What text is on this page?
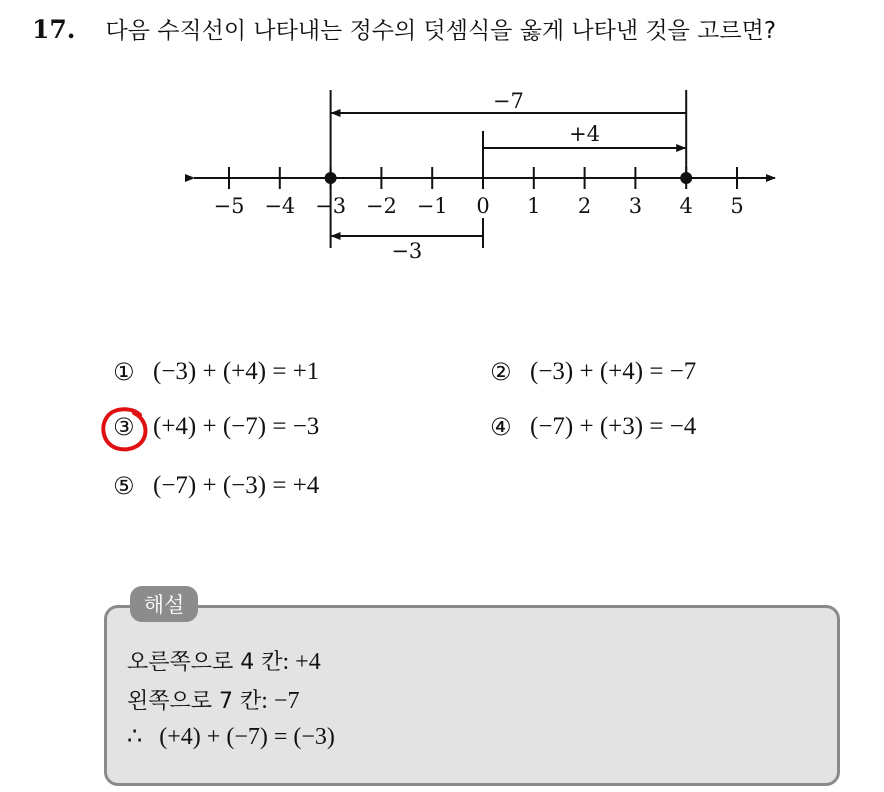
17. 다음 수직선이 나타내는 정수의 덧셈식을 옳게 나타낸 것을 고르면?
−5 −4 −3 −2 −1 0 1 2 3 4 5
−7
+4
−3
① (−3) + (+4) = +1	② (−3) + (+4) = −7
③ (+4) + (−7) = −3	④ (−7) + (+3) = −4
⑤ (−7) + (−3) = +4
해설
오른쪽으로 4 칸: +4
왼쪽으로 7 칸: −7
∴ (+4) + (−7) = (−3)
